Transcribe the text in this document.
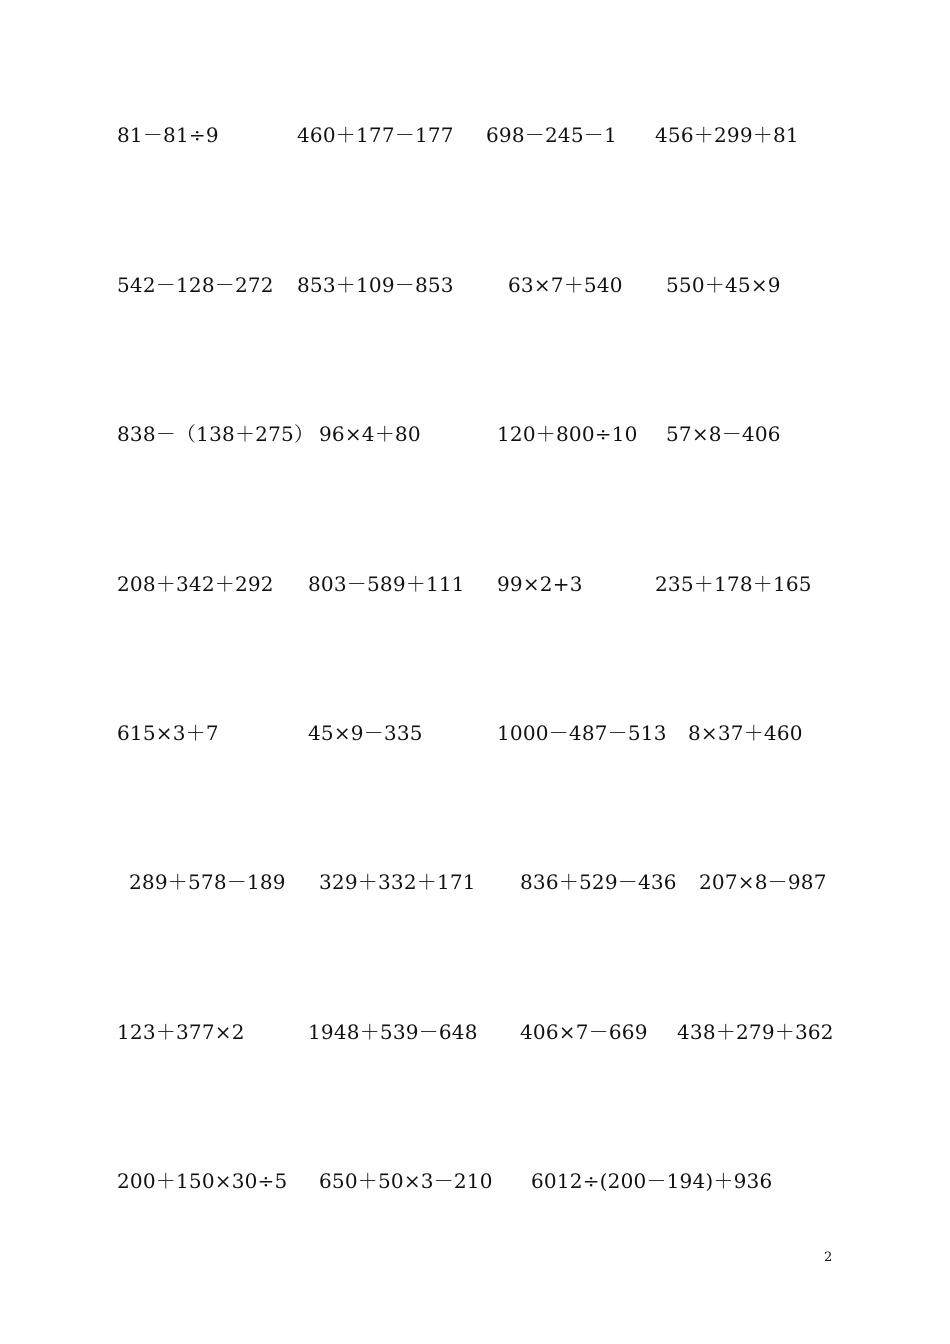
81－81÷9	460＋177－177 698－245－1 456＋299＋81
542－128－272 853＋109－853	63×7＋540 550＋45×9
838－（138＋275） 96×4＋80	120＋800÷10 57×8－406
208＋342＋292 803－589＋111 99×2+3	235＋178＋165
615×3＋7	45×9－335	1000－487－513 8×37＋460
289＋578－189 329＋332＋171 836＋529－436 207×8－987
123＋377×2	1948＋539－648 406×7－669 438＋279＋362
200＋150×30÷5 650＋50×3－210 6012÷(200－194)＋936
2
